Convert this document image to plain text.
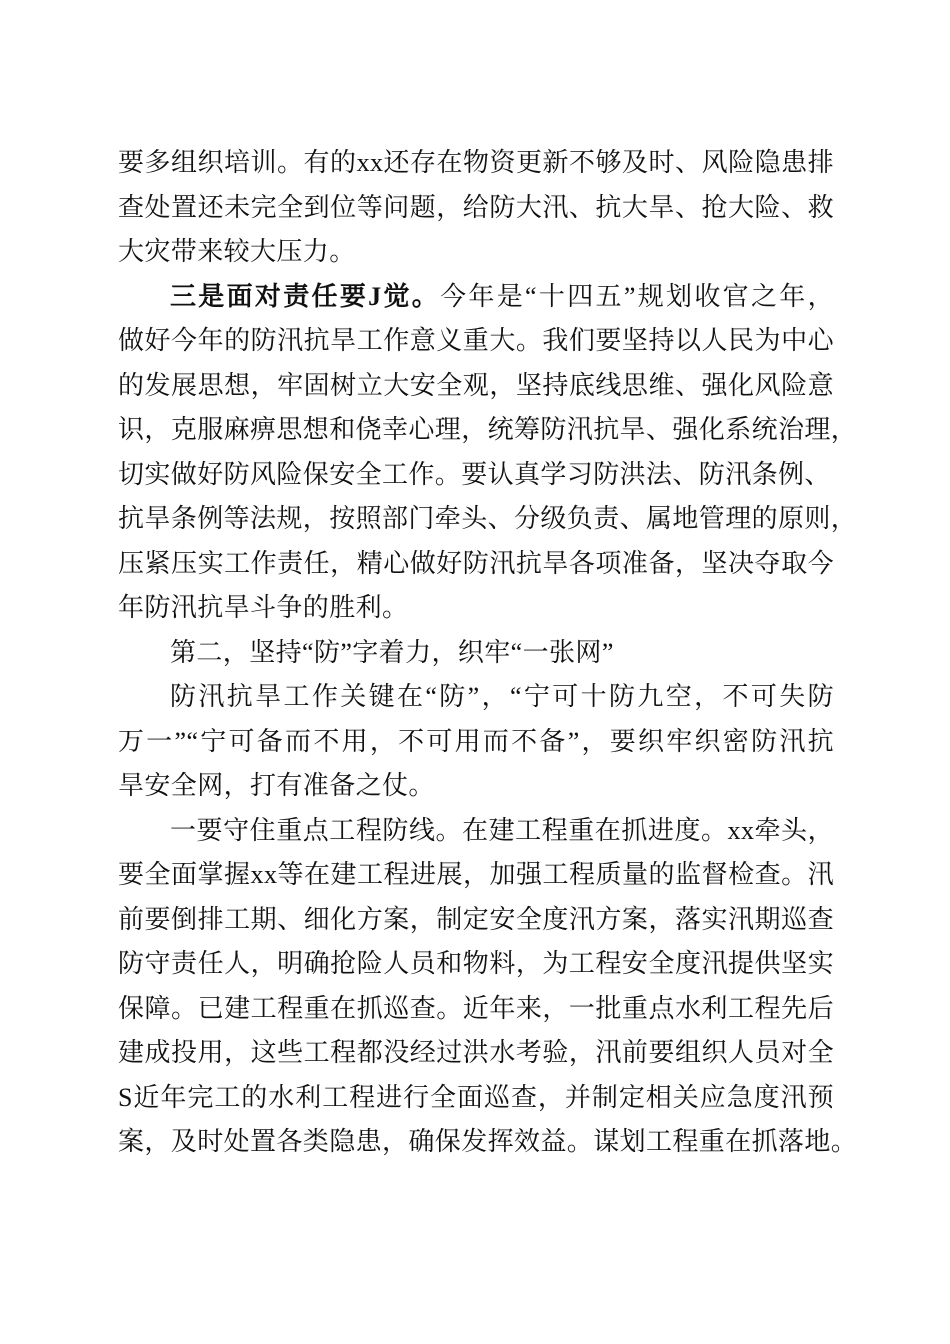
要多组织培训。有的xx还存在物资更新不够及时、风险隐患排
查处置还未完全到位等问题，给防大汛、抗大旱、抢大险、救
大灾带来较大压力。
三是面对责任要J觉。今年是“十四五”规划收官之年，
做好今年的防汛抗旱工作意义重大。我们要坚持以人民为中心
的发展思想，牢固树立大安全观，坚持底线思维、强化风险意
识，克服麻痹思想和侥幸心理，统筹防汛抗旱、强化系统治理，
切实做好防风险保安全工作。要认真学习防洪法、防汛条例、
抗旱条例等法规，按照部门牵头、分级负责、属地管理的原则，
压紧压实工作责任，精心做好防汛抗旱各项准备，坚决夺取今
年防汛抗旱斗争的胜利。
第二，坚持“防”字着力，织牢“一张网”
防汛抗旱工作关键在“防”，“宁可十防九空，不可失防
万一”“宁可备而不用，不可用而不备”，要织牢织密防汛抗
旱安全网，打有准备之仗。
一要守住重点工程防线。在建工程重在抓进度。xx牵头，
要全面掌握xx等在建工程进展，加强工程质量的监督检查。汛
前要倒排工期、细化方案，制定安全度汛方案，落实汛期巡查
防守责任人，明确抢险人员和物料，为工程安全度汛提供坚实
保障。已建工程重在抓巡查。近年来，一批重点水利工程先后
建成投用，这些工程都没经过洪水考验，汛前要组织人员对全
S近年完工的水利工程进行全面巡查，并制定相关应急度汛预
案，及时处置各类隐患，确保发挥效益。谋划工程重在抓落地。
